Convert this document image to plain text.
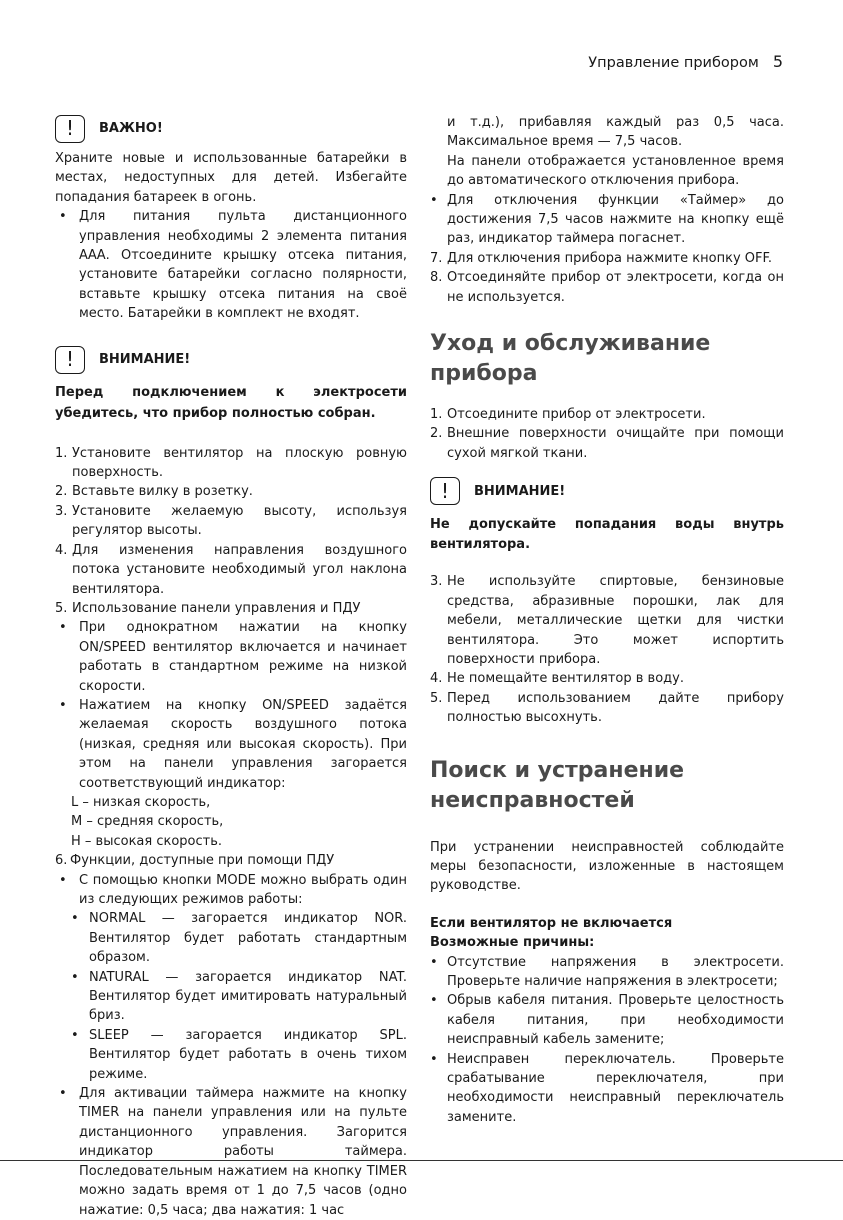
Управление прибором 5
!	ВАЖНО!

Храните новые и использованные батарейки в местах, недоступных для детей. Избегайте попадания батареек в огонь.

• Для питания пульта дистанционного управления необходимы 2 элемента питания ААА. Отсоедините крышку отсека питания, установите батарейки согласно полярности, вставьте крышку отсека питания на своё место. Батарейки в комплект не входят.
!	ВНИМАНИЕ!

Перед подключением к электросети убедитесь, что прибор полностью собран.

1. Установите вентилятор на плоскую ровную поверхность.
2. Вставьте вилку в розетку.
3. Установите желаемую высоту, используя регулятор высоты.
4. Для изменения направления воздушного потока установите необходимый угол наклона вентилятора.
5. Использование панели управления и ПДУ
• При однократном нажатии на кнопку ON/SPEED вентилятор включается и начинает работать в стандартном режиме на низкой скорости.
• Нажатием на кнопку ON/SPEED задаётся желаемая скорость воздушного потока (низкая, средняя или высокая скорость). При этом на панели управления загорается соответствующий индикатор:
L – низкая скорость,
M – средняя скорость,
H – высокая скорость.
6. Функции, доступные при помощи ПДУ
• С помощью кнопки MODE можно выбрать один из следующих режимов работы:
• NORMAL — загорается индикатор NOR. Вентилятор будет работать стандартным образом.
• NATURAL — загорается индикатор NAT. Вентилятор будет имитировать натуральный бриз.
• SLEEP — загорается индикатор SPL. Вентилятор будет работать в очень тихом режиме.
• Для активации таймера нажмите на кнопку TIMER на панели управления или на пульте дистанционного управления. Загорится индикатор работы таймера. Последовательным нажатием на кнопку TIMER можно задать время от 1 до 7,5 часов (одно нажатие: 0,5 часа; два нажатия: 1 час

и т.д.), прибавляя каждый раз 0,5 часа. Максимальное время — 7,5 часов.

На панели отображается установленное время до автоматического отключения прибора.

• Для отключения функции «Таймер» до достижения 7,5 часов нажмите на кнопку ещё раз, индикатор таймера погаснет.
7. Для отключения прибора нажмите кнопку OFF.
8. Отсоединяйте прибор от электросети, когда он не используется.
Уход и обслуживание прибора
1. Отсоедините прибор от электросети.
2. Внешние поверхности очищайте при помощи сухой мягкой ткани.
!	ВНИМАНИЕ!

Не допускайте попадания воды внутрь вентилятора.

3. Не используйте спиртовые, бензиновые средства, абразивные порошки, лак для мебели, металлические щетки для чистки вентилятора. Это может испортить поверхности прибора.
4. Не помещайте вентилятор в воду.
5. Перед использованием дайте прибору полностью высохнуть.
Поиск и устранение
неисправностей

При устранении неисправностей соблюдайте меры безопасности, изложенные в настоящем руководстве.

Если вентилятор не включается

Возможные причины:

• Отсутствие напряжения в электросети. Проверьте наличие напряжения в электросети;
• Обрыв кабеля питания. Проверьте целостность кабеля питания, при необходимости неисправный кабель замените;
• Неисправен переключатель. Проверьте срабатывание переключателя, при необходимости неисправный переключатель замените.
